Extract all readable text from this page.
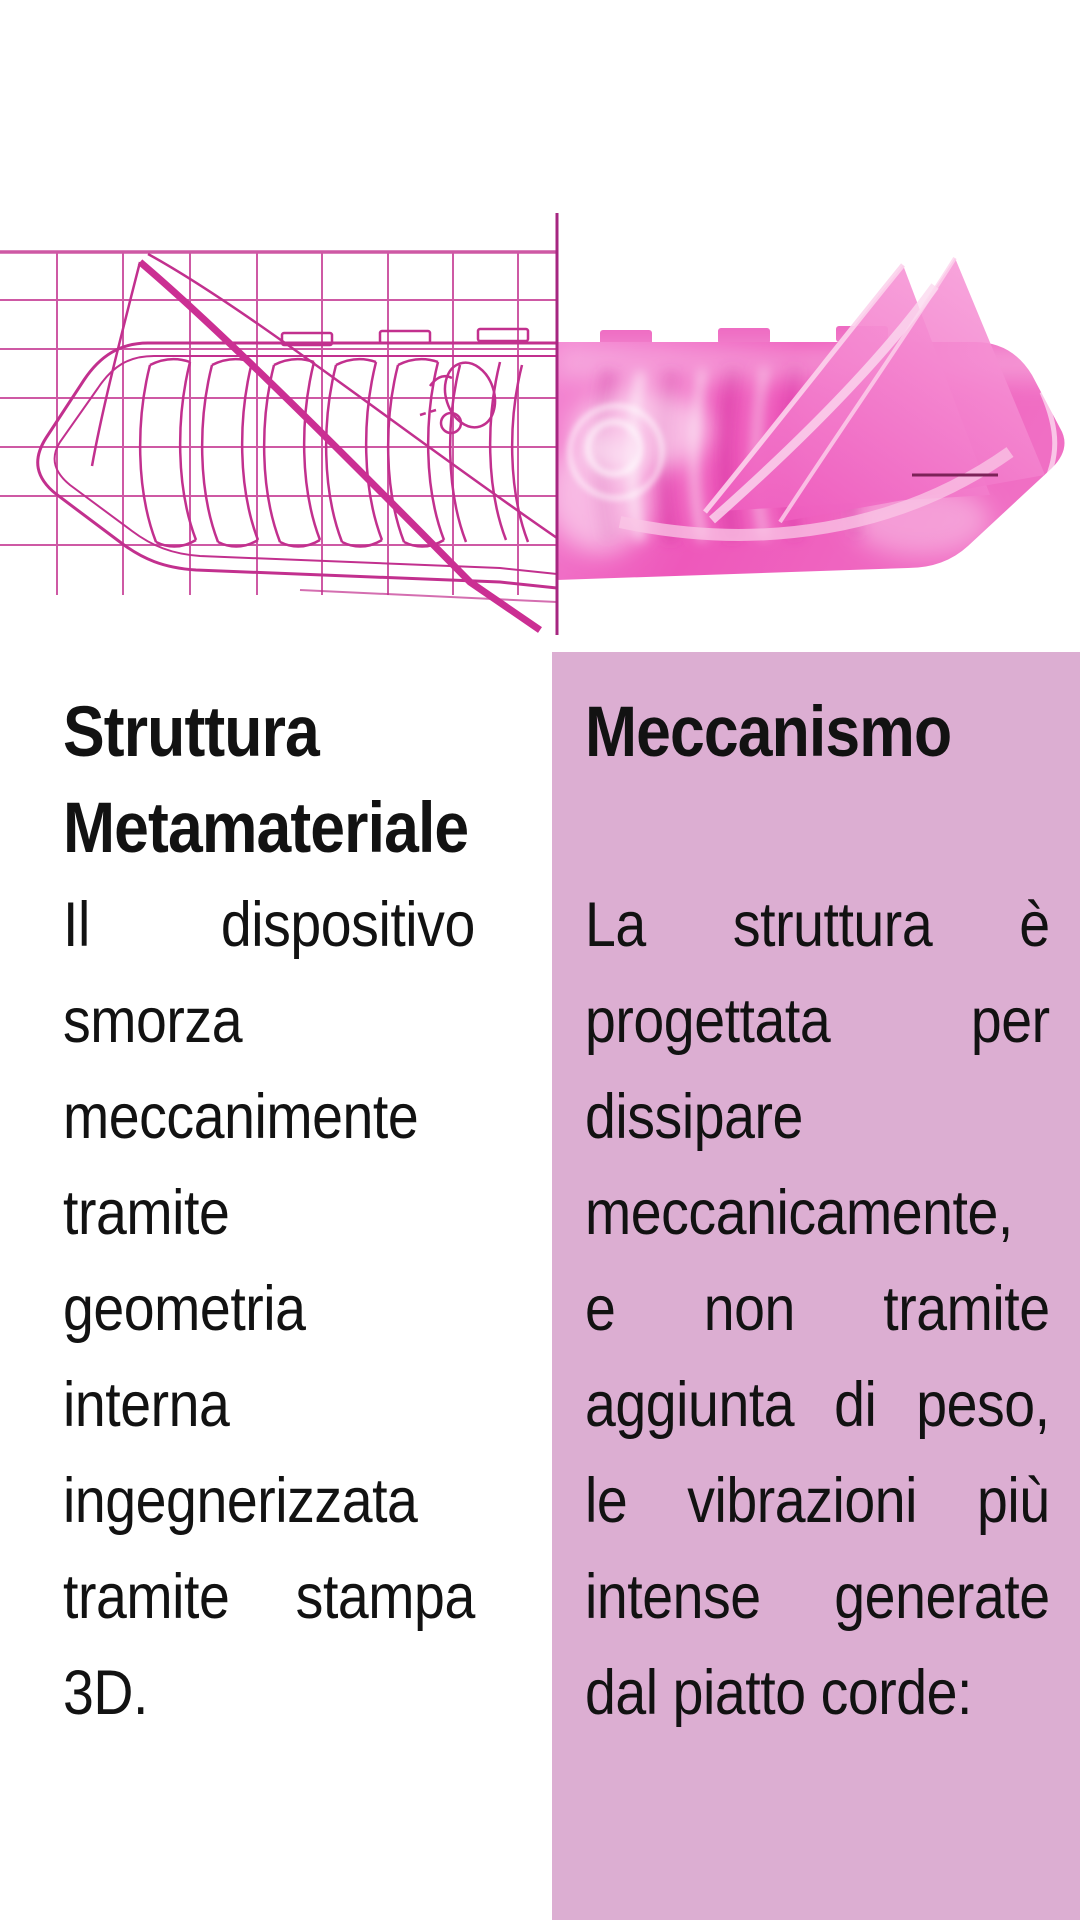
Struttura
Metamateriale
Il dispositivo
smorza
meccanimente
tramite
geometria
interna
ingegnerizzata
tramite stampa
3D.
Meccanismo
La struttura è
progettata per
dissipare
meccanicamente,
e non tramite
aggiunta di peso,
le vibrazioni più
intense generate
dal piatto corde:
